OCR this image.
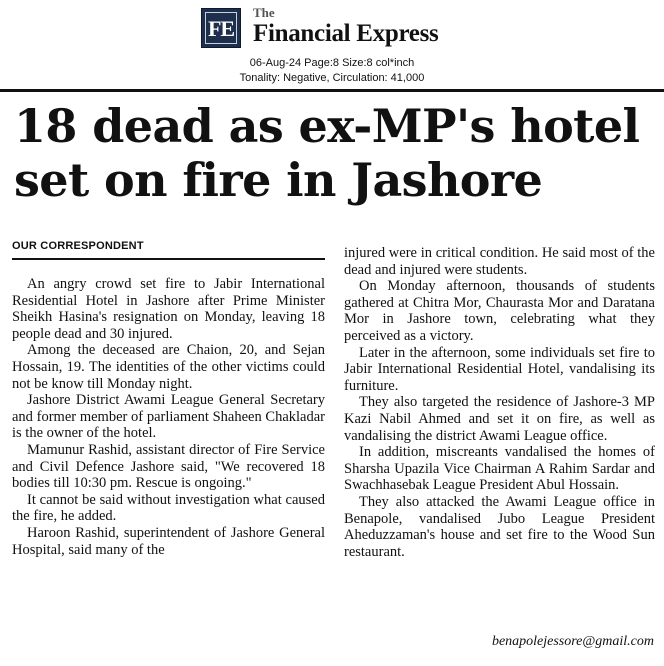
FE
The
Financial Express
06-Aug-24 Page:8 Size:8 col*inch
Tonality: Negative, Circulation: 41,000
18 dead as ex-MP's hotel
set on fire in Jashore
OUR CORRESPONDENT

An angry crowd set fire to Jabir International Residential Hotel in Jashore after Prime Minister Sheikh Hasina's resignation on Monday, leaving 18 people dead and 30 injured.

Among the deceased are Chaion, 20, and Sejan Hossain, 19. The identities of the other victims could not be know till Monday night.

Jashore District Awami League General Secretary and former member of parliament Shaheen Chakladar is the owner of the hotel.

Mamunur Rashid, assistant director of Fire Service and Civil Defence Jashore said, "We recovered 18 bodies till 10:30 pm. Rescue is ongoing."

It cannot be said without investigation what caused the fire, he added.

Haroon Rashid, superintendent of Jashore General Hospital, said many of the

injured were in critical condition. He said most of the dead and injured were students.

On Monday afternoon, thousands of students gathered at Chitra Mor, Chaurasta Mor and Daratana Mor in Jashore town, celebrating what they perceived as a victory.

Later in the afternoon, some individuals set fire to Jabir International Residential Hotel, vandalising its furniture.

They also targeted the residence of Jashore-3 MP Kazi Nabil Ahmed and set it on fire, as well as vandalising the district Awami League office.

In addition, miscreants vandalised the homes of Sharsha Upazila Vice Chairman A Rahim Sardar and Swachhasebak League President Abul Hossain.

They also attacked the Awami League office in Benapole, vandalised Jubo League President Aheduzzaman's house and set fire to the Wood Sun restaurant.

benapolejessore@gmail.com
